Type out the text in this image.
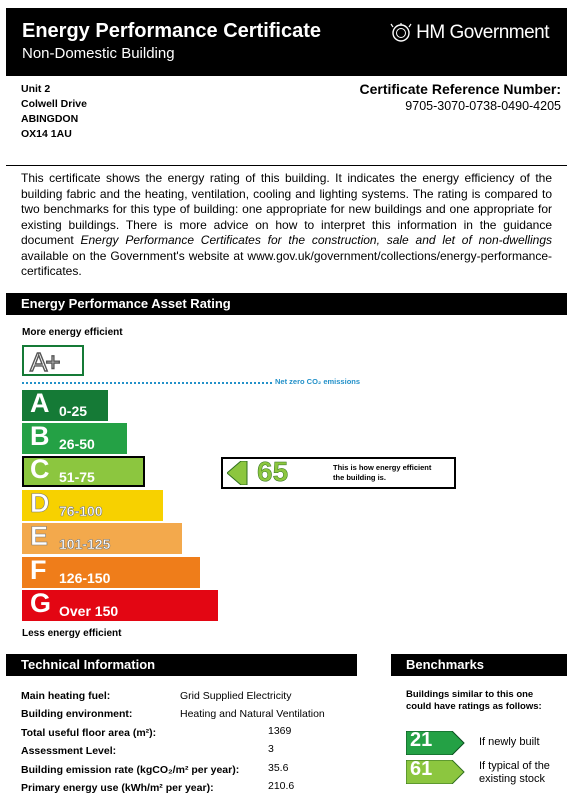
Energy Performance Certificate
Non-Domestic Building
HM Government
Unit 2
Colwell Drive
ABINGDON
OX14 1AU
Certificate Reference Number:
9705-3070-0738-0490-4205
This certificate shows the energy rating of this building. It indicates the energy efficiency of the building fabric and the heating, ventilation, cooling and lighting systems. The rating is compared to two benchmarks for this type of building: one appropriate for new buildings and one appropriate for existing buildings. There is more advice on how to interpret this information in the guidance document Energy Performance Certificates for the construction, sale and let of non-dwellings available on the Government's website at www.gov.uk/government/collections/energy-performance-certificates.
Energy Performance Asset Rating
More energy efficient
A+
Net zero CO₂ emissions
A 0-25
B 26-50
C 51-75
D 76-100
E 101-125
F 126-150
G Over 150
Less energy efficient
65	This is how energy efficient
the building is.
Technical Information
Main heating fuel:	Grid Supplied Electricity
Building environment:	Heating and Natural Ventilation
Total useful floor area (m²):	1369
Assessment Level:	3
Building emission rate (kgCO₂/m² per year):	35.6
Primary energy use (kWh/m² per year):	210.6
Benchmarks
Buildings similar to this one could have ratings as follows:
21	If newly built
61	If typical of the
existing stock
